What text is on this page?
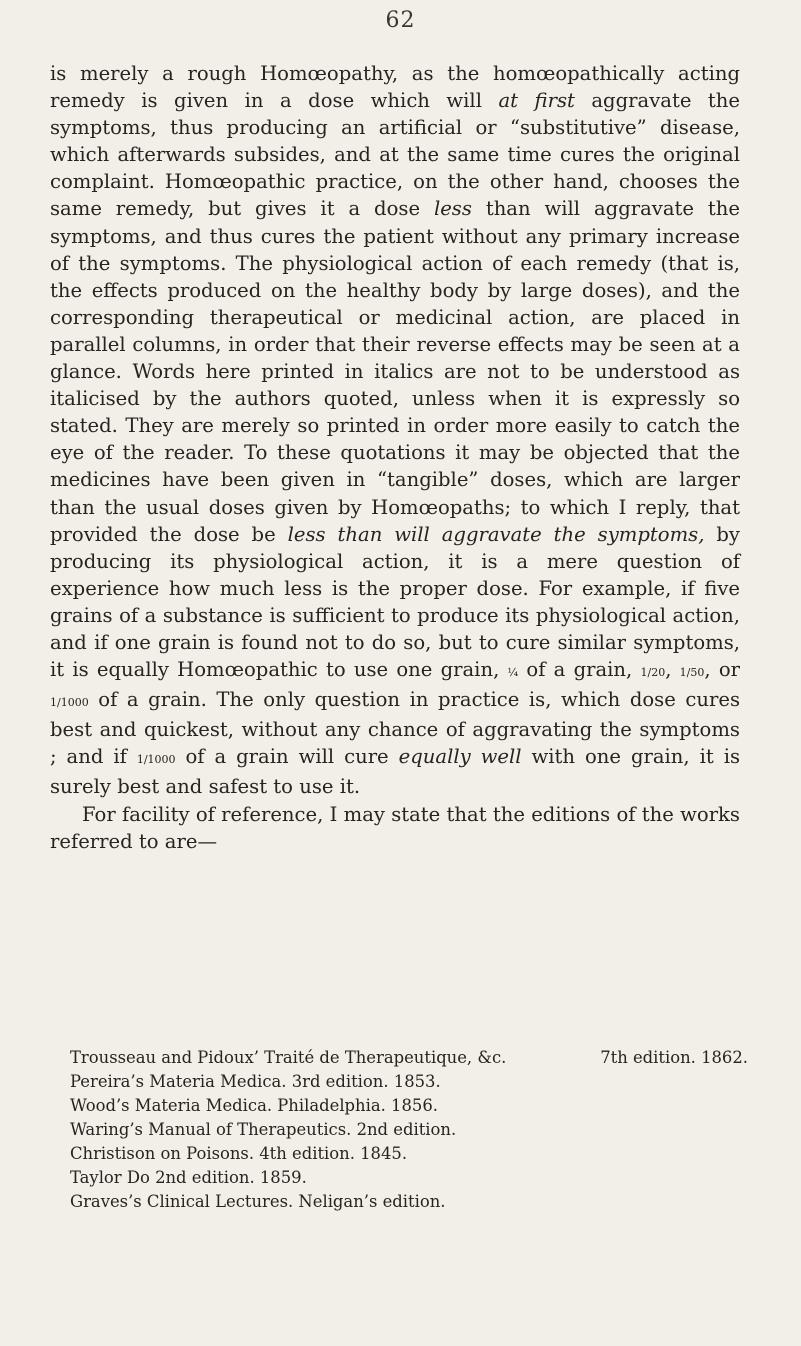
62

is merely a rough Homœopathy, as the homœopathically acting remedy is given in a dose which will at first aggravate the symptoms, thus producing an artificial or “substitutive” disease, which afterwards subsides, and at the same time cures the original complaint. Homœopathic practice, on the other hand, chooses the same remedy, but gives it a dose less than will aggravate the symptoms, and thus cures the patient without any primary increase of the symptoms. The physiological action of each remedy (that is, the effects produced on the healthy body by large doses), and the corresponding therapeutical or medicinal action, are placed in parallel columns, in order that their reverse effects may be seen at a glance. Words here printed in italics are not to be understood as italicised by the authors quoted, unless when it is expressly so stated. They are merely so printed in order more easily to catch the eye of the reader. To these quotations it may be objected that the medicines have been given in “tangible” doses, which are larger than the usual doses given by Homœopaths; to which I reply, that provided the dose be less than will aggravate the symptoms, by producing its physiological action, it is a mere question of experience how much less is the proper dose. For example, if five grains of a substance is sufficient to produce its physiological action, and if one grain is found not to do so, but to cure similar symptoms, it is equally Homœopathic to use one grain, ¼ of a grain, 1/20, 1/50, or 1/1000 of a grain. The only question in practice is, which dose cures best and quickest, without any chance of aggravating the symptoms ; and if 1/1000 of a grain will cure equally well with one grain, it is surely best and safest to use it.

For facility of reference, I may state that the editions of the works referred to are—

Trousseau and Pidoux’ Traité de Therapeutique, &c.	7th edition. 1862.
Pereira’s Materia Medica. 3rd edition. 1853.
Wood’s Materia Medica. Philadelphia. 1856.
Waring’s Manual of Therapeutics. 2nd edition.
Christison on Poisons. 4th edition. 1845.
Taylor Do 2nd edition. 1859.
Graves’s Clinical Lectures. Neligan’s edition.
